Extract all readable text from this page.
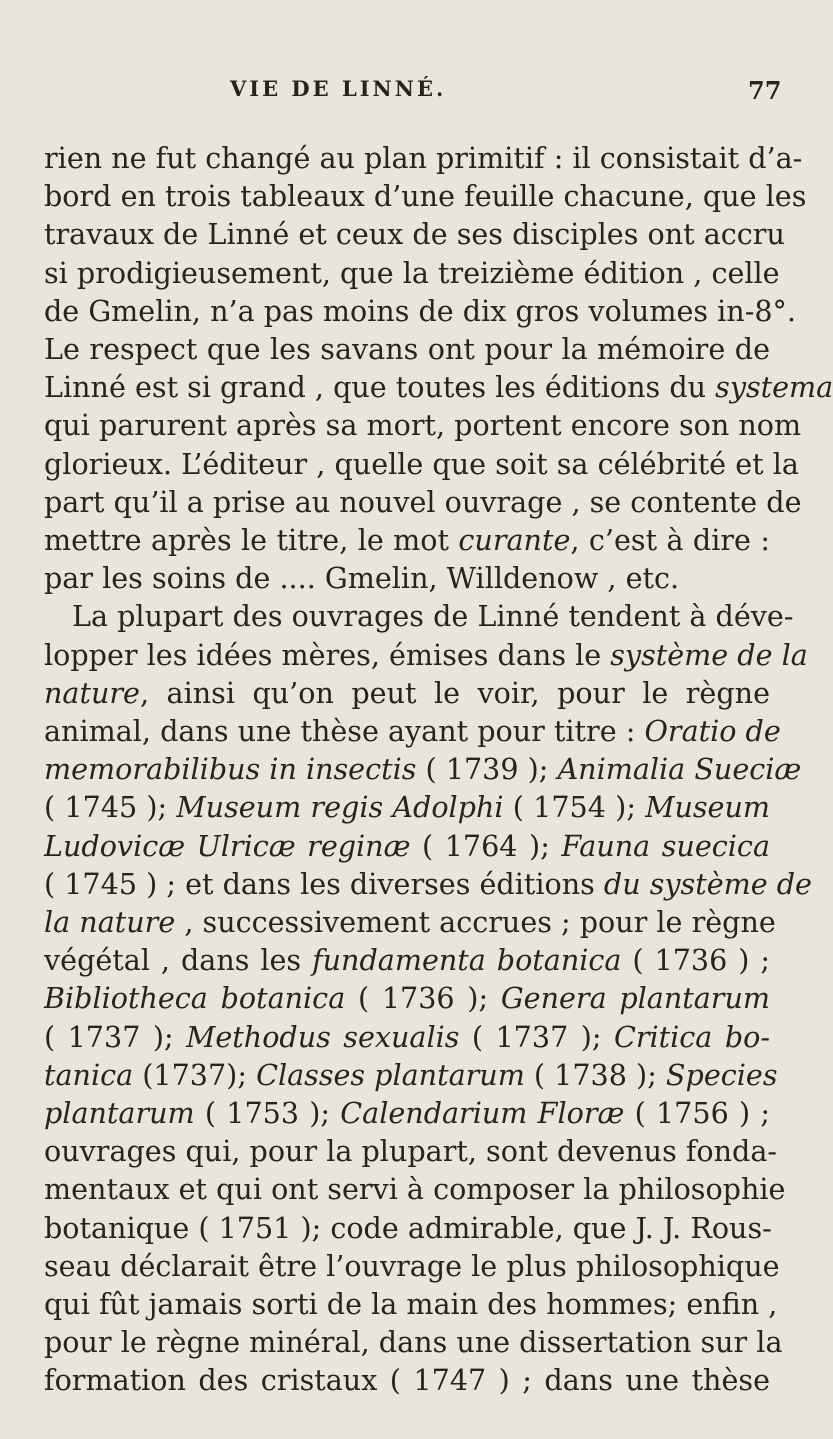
VIE DE LINNÉ.	77
rien ne fut changé au plan primitif : il consistait d’a-
bord en trois tableaux d’une feuille chacune, que les
travaux de Linné et ceux de ses disciples ont accru
si prodigieusement, que la treizième édition , celle
de Gmelin, n’a pas moins de dix gros volumes in-8°.
Le respect que les savans ont pour la mémoire de
Linné est si grand , que toutes les éditions du systema
qui parurent après sa mort, portent encore son nom
glorieux. L’éditeur , quelle que soit sa célébrité et la
part qu’il a prise au nouvel ouvrage , se contente de
mettre après le titre, le mot curante, c’est à dire :
par les soins de .... Gmelin, Willdenow , etc.
La plupart des ouvrages de Linné tendent à déve-
lopper les idées mères, émises dans le système de la
nature, ainsi qu’on peut le voir, pour le règne
animal, dans une thèse ayant pour titre : Oratio de
memorabilibus in insectis ( 1739 ); Animalia Sueciæ
( 1745 ); Museum regis Adolphi ( 1754 ); Museum
Ludovicæ Ulricæ reginæ ( 1764 ); Fauna suecica
( 1745 ) ; et dans les diverses éditions du système de
la nature , successivement accrues ; pour le règne
végétal , dans les fundamenta botanica ( 1736 ) ;
Bibliotheca botanica ( 1736 ); Genera plantarum
( 1737 ); Methodus sexualis ( 1737 ); Critica bo-
tanica (1737); Classes plantarum ( 1738 ); Species
plantarum ( 1753 ); Calendarium Floræ ( 1756 ) ;
ouvrages qui, pour la plupart, sont devenus fonda-
mentaux et qui ont servi à composer la philosophie
botanique ( 1751 ); code admirable, que J. J. Rous-
seau déclarait être l’ouvrage le plus philosophique
qui fût jamais sorti de la main des hommes; enfin ,
pour le règne minéral, dans une dissertation sur la
formation des cristaux ( 1747 ) ; dans une thèse
